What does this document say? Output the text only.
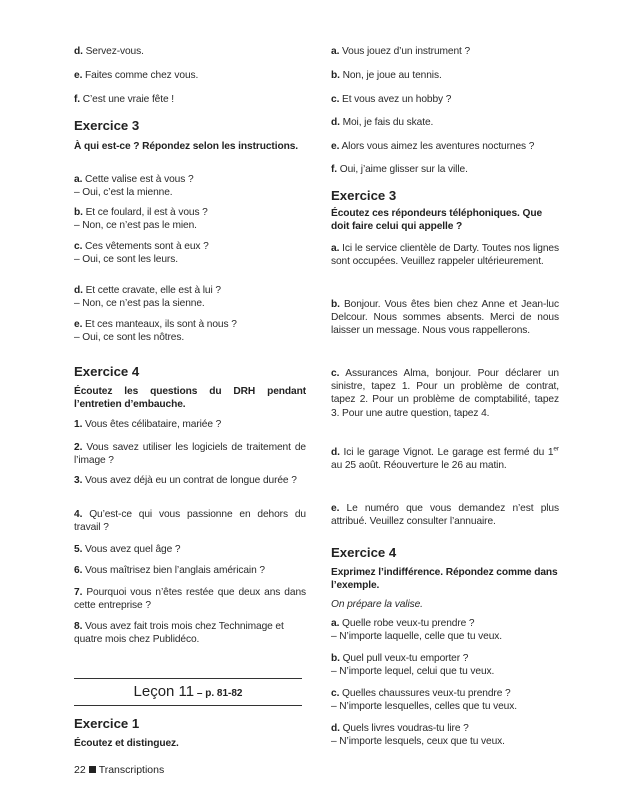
d. Servez-vous.

e. Faites comme chez vous.

f. C’est une vraie fête !

Exercice 3
À qui est-ce ? Répondez selon les instructions.

a. Cette valise est à vous ?
– Oui, c’est la mienne.

b. Et ce foulard, il est à vous ?
– Non, ce n’est pas le mien.

c. Ces vêtements sont à eux ?
– Oui, ce sont les leurs.

d. Et cette cravate, elle est à lui ?
– Non, ce n’est pas la sienne.

e. Et ces manteaux, ils sont à nous ?
– Oui, ce sont les nôtres.

Exercice 4
Écoutez les questions du DRH pendant l’entretien d’embauche.

1. Vous êtes célibataire, mariée ?

2. Vous savez utiliser les logiciels de traitement de l’image ?

3. Vous avez déjà eu un contrat de longue durée ?

4. Qu’est-ce qui vous passionne en dehors du travail ?

5. Vous avez quel âge ?

6. Vous maîtrisez bien l’anglais américain ?

7. Pourquoi vous n’êtes restée que deux ans dans cette entreprise ?

8. Vous avez fait trois mois chez Technimage et quatre mois chez Publidéco.

Exercice 1
Écoutez et distinguez.
Leçon 11 – p. 81-82

a. Vous jouez d’un instrument ?

b. Non, je joue au tennis.

c. Et vous avez un hobby ?

d. Moi, je fais du skate.

e. Alors vous aimez les aventures nocturnes ?

f. Oui, j’aime glisser sur la ville.

Exercice 3
Écoutez ces répondeurs téléphoniques. Que doit faire celui qui appelle ?

a. Ici le service clientèle de Darty. Toutes nos lignes sont occupées. Veuillez rappeler ultérieurement.

b. Bonjour. Vous êtes bien chez Anne et Jean-luc Delcour. Nous sommes absents. Merci de nous laisser un message. Nous vous rappellerons.

c. Assurances Alma, bonjour. Pour déclarer un sinistre, tapez 1. Pour un problème de contrat, tapez 2. Pour un problème de comptabilité, tapez 3. Pour une autre question, tapez 4.

d. Ici le garage Vignot. Le garage est fermé du 1er au 25 août. Réouverture le 26 au matin.

e. Le numéro que vous demandez n’est plus attribué. Veuillez consulter l’annuaire.

Exercice 4
Exprimez l’indifférence. Répondez comme dans l’exemple.

On prépare la valise.

a. Quelle robe veux-tu prendre ?
– N’importe laquelle, celle que tu veux.

b. Quel pull veux-tu emporter ?
– N’importe lequel, celui que tu veux.

c. Quelles chaussures veux-tu prendre ?
– N’importe lesquelles, celles que tu veux.

d. Quels livres voudras-tu lire ?
– N’importe lesquels, ceux que tu veux.

22 Transcriptions
